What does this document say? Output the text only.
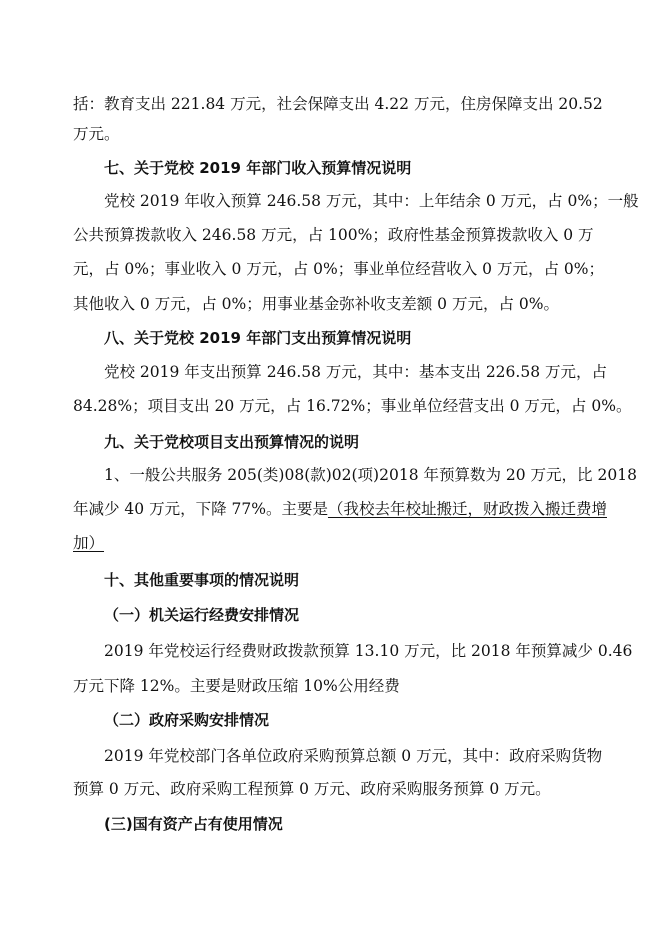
括：教育支出 221.84 万元，社会保障支出 4.22 万元，住房保障支出 20.52
万元。
七、关于党校 2019 年部门收入预算情况说明
党校 2019 年收入预算 246.58 万元，其中：上年结余 0 万元，占 0%；一般
公共预算拨款收入 246.58 万元，占 100%；政府性基金预算拨款收入 0 万
元，占 0%；事业收入 0 万元，占 0%；事业单位经营收入 0 万元，占 0%；
其他收入 0 万元，占 0%；用事业基金弥补收支差额 0 万元，占 0%。
八、关于党校 2019 年部门支出预算情况说明
党校 2019 年支出预算 246.58 万元，其中：基本支出 226.58 万元，占
84.28%；项目支出 20 万元，占 16.72%；事业单位经营支出 0 万元，占 0%。
九、关于党校项目支出预算情况的说明
1、一般公共服务 205(类)08(款)02(项)2018 年预算数为 20 万元，比 2018
年减少 40 万元，下降 77%。主要是（我校去年校址搬迁，财政拨入搬迁费增
加）
十、其他重要事项的情况说明
（一）机关运行经费安排情况
2019 年党校运行经费财政拨款预算 13.10 万元，比 2018 年预算减少 0.46
万元下降 12%。主要是财政压缩 10%公用经费
（二）政府采购安排情况
2019 年党校部门各单位政府采购预算总额 0 万元，其中：政府采购货物
预算 0 万元、政府采购工程预算 0 万元、政府采购服务预算 0 万元。
(三)国有资产占有使用情况
